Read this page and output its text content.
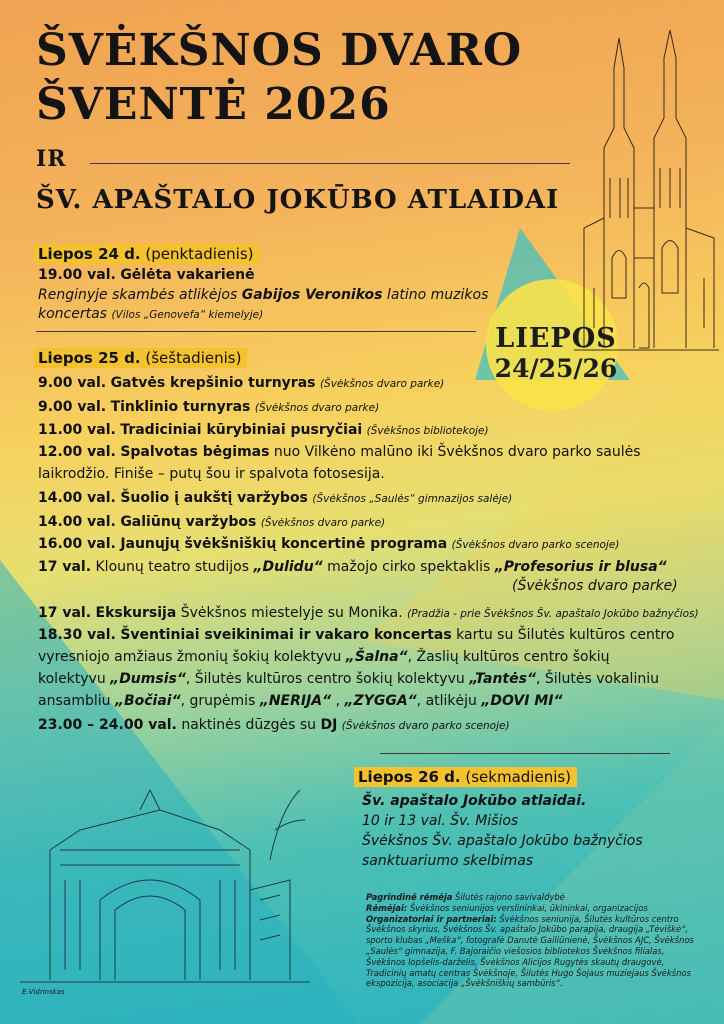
ŠVĖKŠNOS DVARO
ŠVENTĖ 2026
IR
ŠV. APAŠTALO JOKŪBO ATLAIDAI
LIEPOS
24/25/26
Liepos 24 d. (penktadienis)
19.00 val. Gėlėta vakarienė
Renginyje skambės atlikėjos Gabijos Veronikos latino muzikos
koncertas (Vilos „Genovefa“ kiemelyje)
Liepos 25 d. (šeštadienis)
9.00 val. Gatvės krepšinio turnyras (Švėkšnos dvaro parke)
9.00 val. Tinklinio turnyras (Švėkšnos dvaro parke)
11.00 val. Tradiciniai kūrybiniai pusryčiai (Švėkšnos bibliotekoje)
12.00 val. Spalvotas bėgimas nuo Vilkėno malūno iki Švėkšnos dvaro parko saulės
laikrodžio. Finiše – putų šou ir spalvota fotosesija.
14.00 val. Šuolio į aukštį varžybos (Švėkšnos „Saulės“ gimnazijos salėje)
14.00 val. Galiūnų varžybos (Švėkšnos dvaro parke)
16.00 val. Jaunųjų švėkšniškių koncertinė programa (Švėkšnos dvaro parko scenoje)
17 val. Klounų teatro studijos „Dulidu“ mažojo cirko spektaklis „Profesorius ir blusa“
(Švėkšnos dvaro parke)
17 val. Ekskursija Švėkšnos miestelyje su Monika. (Pradžia - prie Švėkšnos Šv. apaštalo Jokūbo bažnyčios)
18.30 val. Šventiniai sveikinimai ir vakaro koncertas kartu su Šilutės kultūros centro
vyresniojo amžiaus žmonių šokių kolektyvu „Šalna“, Žaslių kultūros centro šokių
kolektyvu „Dumsis“, Šilutės kultūros centro šokių kolektyvu „Tantės“, Šilutės vokaliniu
ansambliu „Bočiai“, grupėmis „NERIJA“ , „ZYGGA“, atlikėju „DOVI MI“
23.00 – 24.00 val. naktinės dūzgės su DJ (Švėkšnos dvaro parko scenoje)
Liepos 26 d. (sekmadienis)
Šv. apaštalo Jokūbo atlaidai.
10 ir 13 val. Šv. Mišios
Švėkšnos Šv. apaštalo Jokūbo bažnyčios
sanktuariumo skelbimas
Pagrindinė rėmėja Šilutės rajono savivaldybė
Rėmėjai: Švėkšnos seniunijos verslininkai, ūkininkai, organizacijos
Organizatoriai ir partneriai: Švėkšnos seniunija, Šilutės kultūros centro Švėkšnos skyrius, Švėkšnos Šv. apaštalo Jokūbo parapija, draugija „Tėviškė“, sporto klubas „Meška“, fotografė Danutė Gailiūnienė, Švėkšnos AJC, Švėkšnos „Saulės“ gimnazija, F. Bajoraičio viešosios bibliotekos Švėkšnos filialas, Švėkšnos lopšelis-darželis, Švėkšnos Alicijos Rugytės skautų draugovė, Tradicinių amatų centras Švėkšnoje, Šilutės Hugo Šojaus muziejaus Švėkšnos ekspozicija, asociacija „Švėkšniškių sambūris“.
E.Vidrinskas
